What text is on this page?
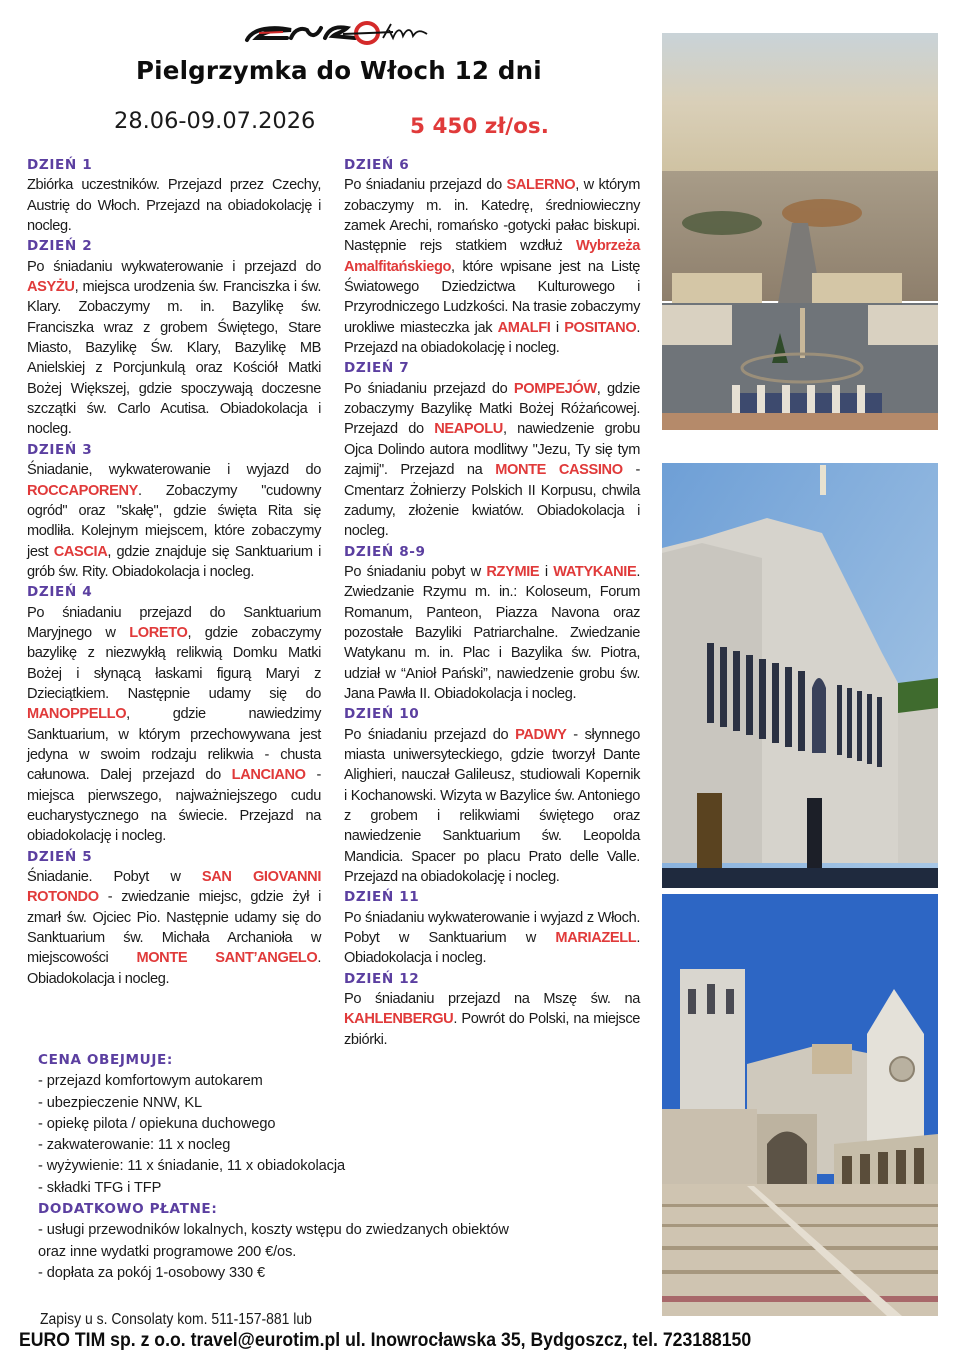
Pielgrzymka do Włoch 12 dni
28.06-09.07.2026	5 450 zł/os.
DZIEŃ 1
Zbiórka uczestników. Przejazd przez Czechy, Austrię do Włoch. Przejazd na obiadokolację i nocleg.
DZIEŃ 2
Po śniadaniu wykwaterowanie i przejazd do ASYŻU, miejsca urodzenia św. Franciszka i św. Klary. Zobaczymy m. in. Bazylikę św. Franciszka wraz z grobem Świętego, Stare Miasto, Bazylikę Św. Klary, Bazylikę MB Anielskiej z Porcjunkulą oraz Kościół Matki Bożej Większej, gdzie spoczywają doczesne szczątki św. Carlo Acutisa. Obiadokolacja i nocleg.
DZIEŃ 3
Śniadanie, wykwaterowanie i wyjazd do ROCCAPORENY. Zobaczymy "cudowny ogród" oraz "skałę", gdzie święta Rita się modliła. Kolejnym miejscem, które zobaczymy jest CASCIA, gdzie znajduje się Sanktuarium i grób św. Rity. Obiadokolacja i nocleg.
DZIEŃ 4
Po śniadaniu przejazd do Sanktuarium Maryjnego w LORETO, gdzie zobaczymy bazylikę z niezwykłą relikwią Domku Matki Bożej i słynącą łaskami figurą Maryi z Dzieciątkiem. Następnie udamy się do MANOPPELLO, gdzie nawiedzimy Sanktuarium, w którym przechowywana jest jedyna w swoim rodzaju relikwia - chusta całunowa. Dalej przejazd do LANCIANO - miejsca pierwszego, najważniejszego cudu eucharystycznego na świecie. Przejazd na obiadokolację i nocleg.
DZIEŃ 5
Śniadanie. Pobyt w SAN GIOVANNI ROTONDO - zwiedzanie miejsc, gdzie żył i zmarł św. Ojciec Pio. Następnie udamy się do Sanktuarium św. Michała Archanioła w miejscowości MONTE SANT’ANGELO. Obiadokolacja i nocleg.
DZIEŃ 6
Po śniadaniu przejazd do SALERNO, w którym zobaczymy m. in. Katedrę, średniowieczny zamek Arechi, romańsko -gotycki pałac biskupi. Następnie rejs statkiem wzdłuż Wybrzeża Amalfitańskiego, które wpisane jest na Listę Światowego Dziedzictwa Kulturowego i Przyrodniczego Ludzkości. Na trasie zobaczymy urokliwe miasteczka jak AMALFI i POSITANO. Przejazd na obiadokolację i nocleg.
DZIEŃ 7
Po śniadaniu przejazd do POMPEJÓW, gdzie zobaczymy Bazylikę Matki Bożej Różańcowej. Przejazd do NEAPOLU, nawiedzenie grobu Ojca Dolindo autora modlitwy "Jezu, Ty się tym zajmij". Przejazd na MONTE CASSINO - Cmentarz Żołnierzy Polskich II Korpusu, chwila zadumy, złożenie kwiatów. Obiadokolacja i nocleg.
DZIEŃ 8-9
Po śniadaniu pobyt w RZYMIE i WATYKANIE. Zwiedzanie Rzymu m. in.: Koloseum, Forum Romanum, Panteon, Piazza Navona oraz pozostałe Bazyliki Patriarchalne. Zwiedzanie Watykanu m. in. Plac i Bazylika św. Piotra, udział w “Anioł Pański”, nawiedzenie grobu św. Jana Pawła II. Obiadokolacja i nocleg.
DZIEŃ 10
Po śniadaniu przejazd do PADWY - słynnego miasta uniwersyteckiego, gdzie tworzył Dante Alighieri, nauczał Galileusz, studiowali Kopernik i Kochanowski. Wizyta w Bazylice św. Antoniego z grobem i relikwiami świętego oraz nawiedzenie Sanktuarium św. Leopolda Mandicia. Spacer po placu Prato delle Valle. Przejazd na obiadokolację i nocleg.
DZIEŃ 11
Po śniadaniu wykwaterowanie i wyjazd z Włoch. Pobyt w Sanktuarium w MARIAZELL. Obiadokolacja i nocleg.
DZIEŃ 12
Po śniadaniu przejazd na Mszę św. na KAHLENBERGU. Powrót do Polski, na miejsce zbiórki.
CENA OBEJMUJE:
- przejazd komfortowym autokarem
- ubezpieczenie NNW, KL
- opiekę pilota / opiekuna duchowego
- zakwaterowanie: 11 x nocleg
- wyżywienie: 11 x śniadanie, 11 x obiadokolacja
- składki TFG i TFP
DODATKOWO PŁATNE:
- usługi przewodników lokalnych, koszty wstępu do zwiedzanych obiektów
oraz inne wydatki programowe 200 €/os.
- dopłata za pokój 1-osobowy 330 €
Zapisy u s. Consolaty kom. 511-157-881 lub
EURO TIM sp. z o.o. travel@eurotim.pl ul. Inowrocławska 35, Bydgoszcz, tel. 723188150
